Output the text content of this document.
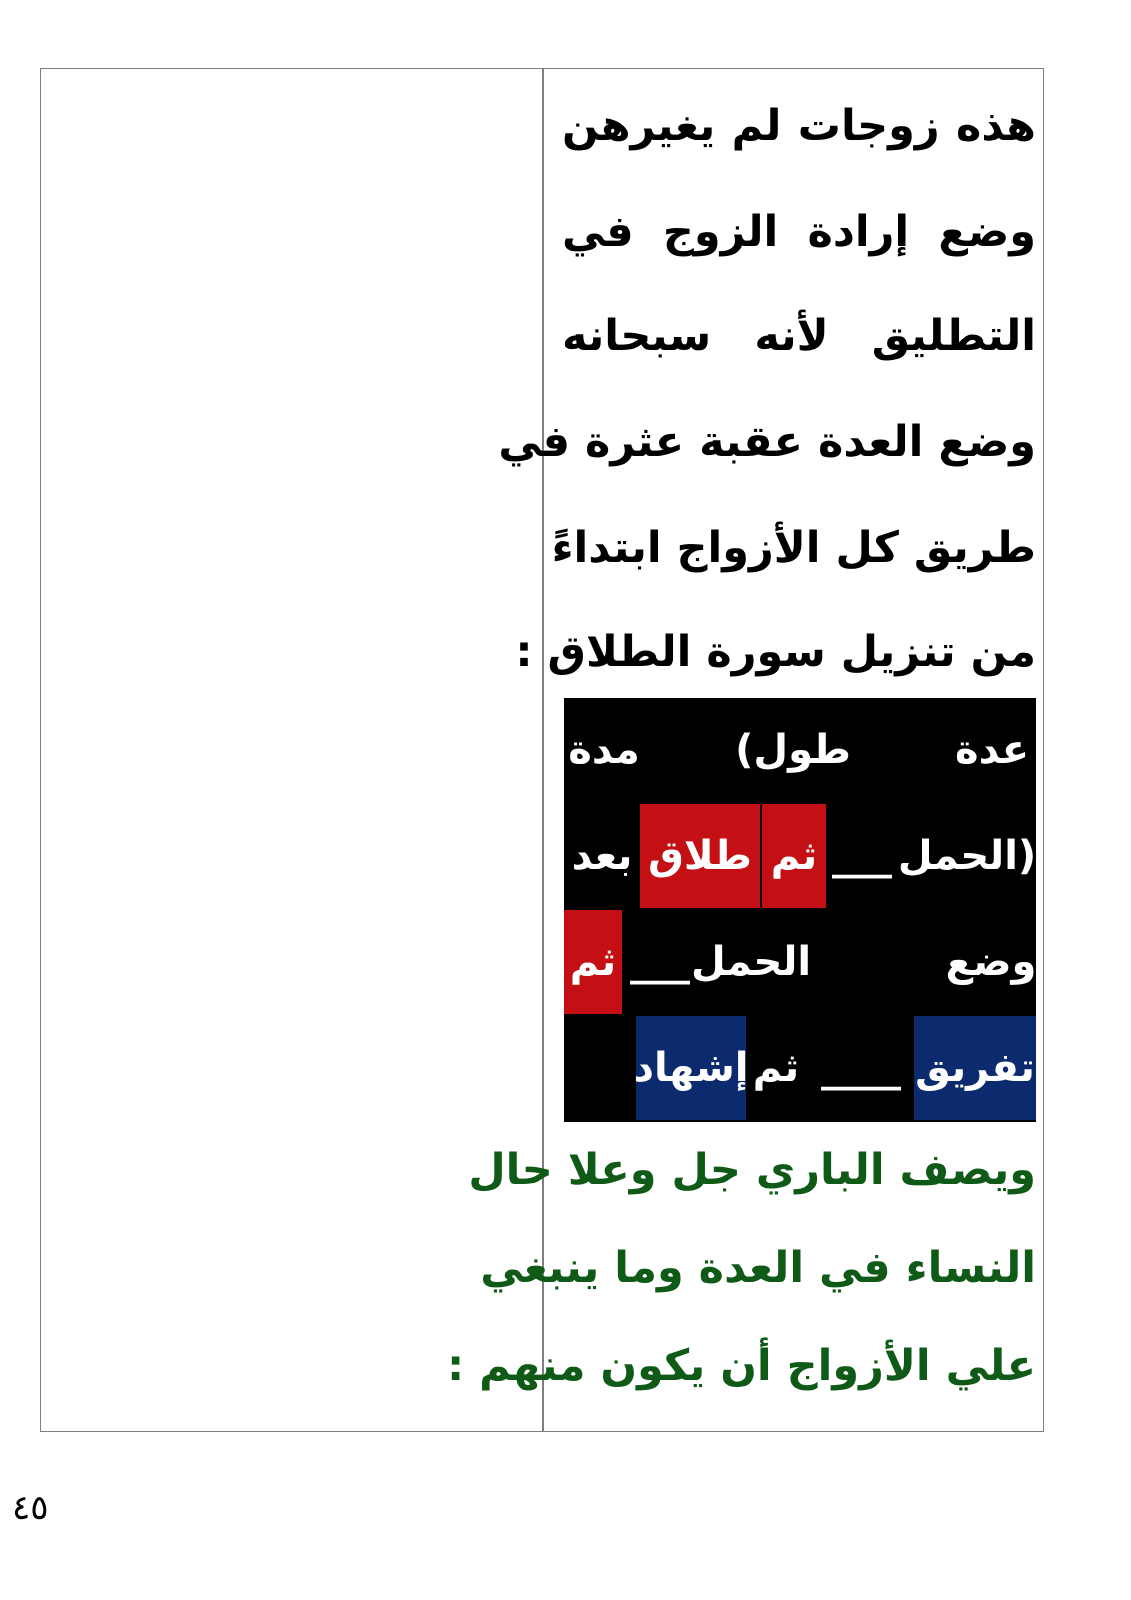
هذه
زوجات
لم
يغيرهن
وضع
إرادة
الزوج
في
التطليق
لأنه
سبحانه
وضع العدة عقبة عثرة في
طريق كل الأزواج ابتداءً
من تنزيل سورة الطلاق :
عدة
(طول
مدة
الحمل)
___
ثم
طلاق
بعد
وضع
الحمل
___
ثم
تفريق
____
ثم
إشهاد
ويصف الباري جل وعلا حال
النساء في العدة وما ينبغي
علي الأزواج أن يكون منهم :
٤٥
